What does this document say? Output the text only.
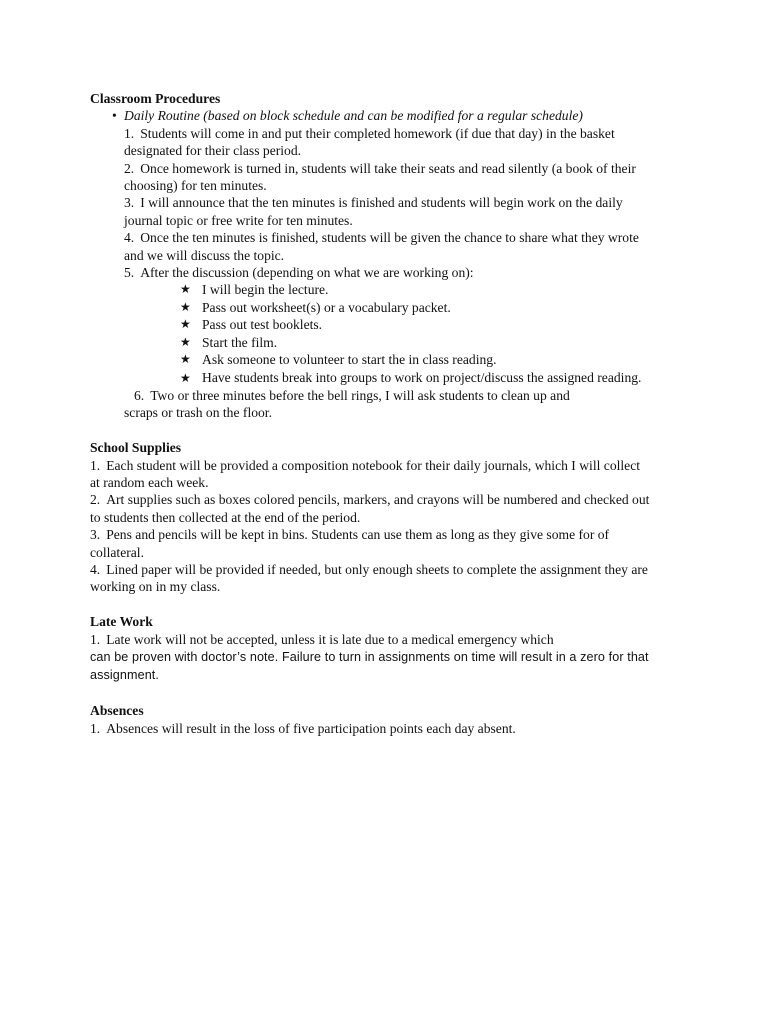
Classroom Procedures

• Daily Routine (based on block schedule and can be modified for a regular schedule)

1. Students will come in and put their completed homework (if due that day) in the basket designated for their class period.

2. Once homework is turned in, students will take their seats and read silently (a book of their choosing) for ten minutes.

3. I will announce that the ten minutes is finished and students will begin work on the daily journal topic or free write for ten minutes.

4. Once the ten minutes is finished, students will be given the chance to share what they wrote and we will discuss the topic.

5. After the discussion (depending on what we are working on):

★ I will begin the lecture.
★ Pass out worksheet(s) or a vocabulary packet.
★ Pass out test booklets.
★ Start the film.
★ Ask someone to volunteer to start the in class reading.
★ Have students break into groups to work on project/discuss the assigned reading.

6. Two or three minutes before the bell rings, I will ask students to clean up and
scraps or trash on the floor.

School Supplies

1. Each student will be provided a composition notebook for their daily journals, which I will collect at random each week.

2. Art supplies such as boxes colored pencils, markers, and crayons will be numbered and checked out to students then collected at the end of the period.

3. Pens and pencils will be kept in bins. Students can use them as long as they give some for of collateral.

4. Lined paper will be provided if needed, but only enough sheets to complete the assignment they are working on in my class.

Late Work

1. Late work will not be accepted, unless it is late due to a medical emergency which
can be proven with doctor’s note. Failure to turn in assignments on time will result in a zero for that assignment.

Absences

1. Absences will result in the loss of five participation points each day absent.
